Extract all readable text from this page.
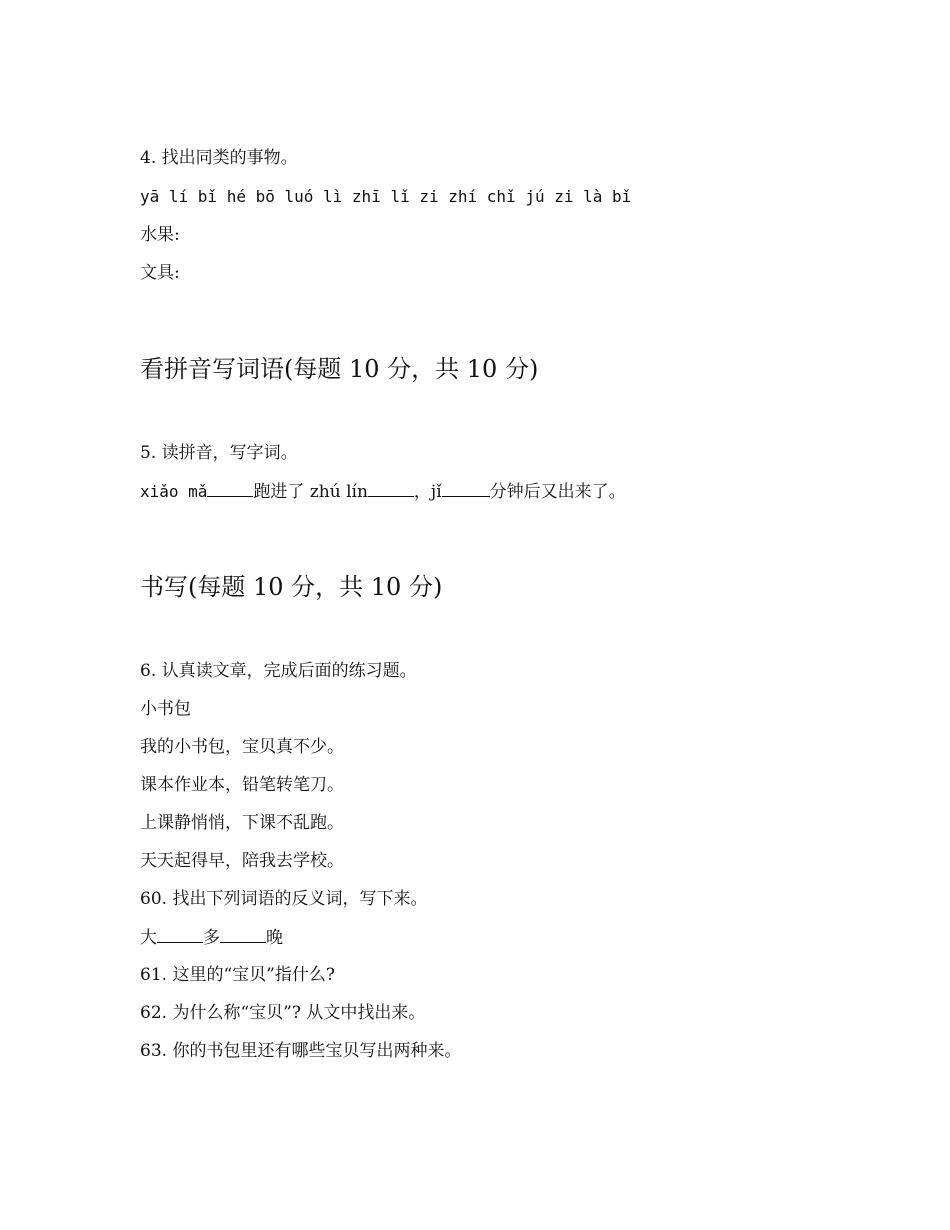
4. 找出同类的事物。
yā lí bǐ hé bō luó lì zhī lǐ zi zhí chǐ jú zi là bǐ
水果:
文具:
看拼音写词语(每题 10 分，共 10 分)
5. 读拼音，写字词。
xiǎo mǎ	跑进了 zhú lín	，jǐ	分钟后又出来了。
书写(每题 10 分，共 10 分)
6. 认真读文章，完成后面的练习题。
小书包
我的小书包，宝贝真不少。
课本作业本，铅笔转笔刀。
上课静悄悄，下课不乱跑。
天天起得早，陪我去学校。
60. 找出下列词语的反义词，写下来。
大	多	晚
61. 这里的“宝贝”指什么?
62. 为什么称“宝贝”? 从文中找出来。
63. 你的书包里还有哪些宝贝写出两种来。
